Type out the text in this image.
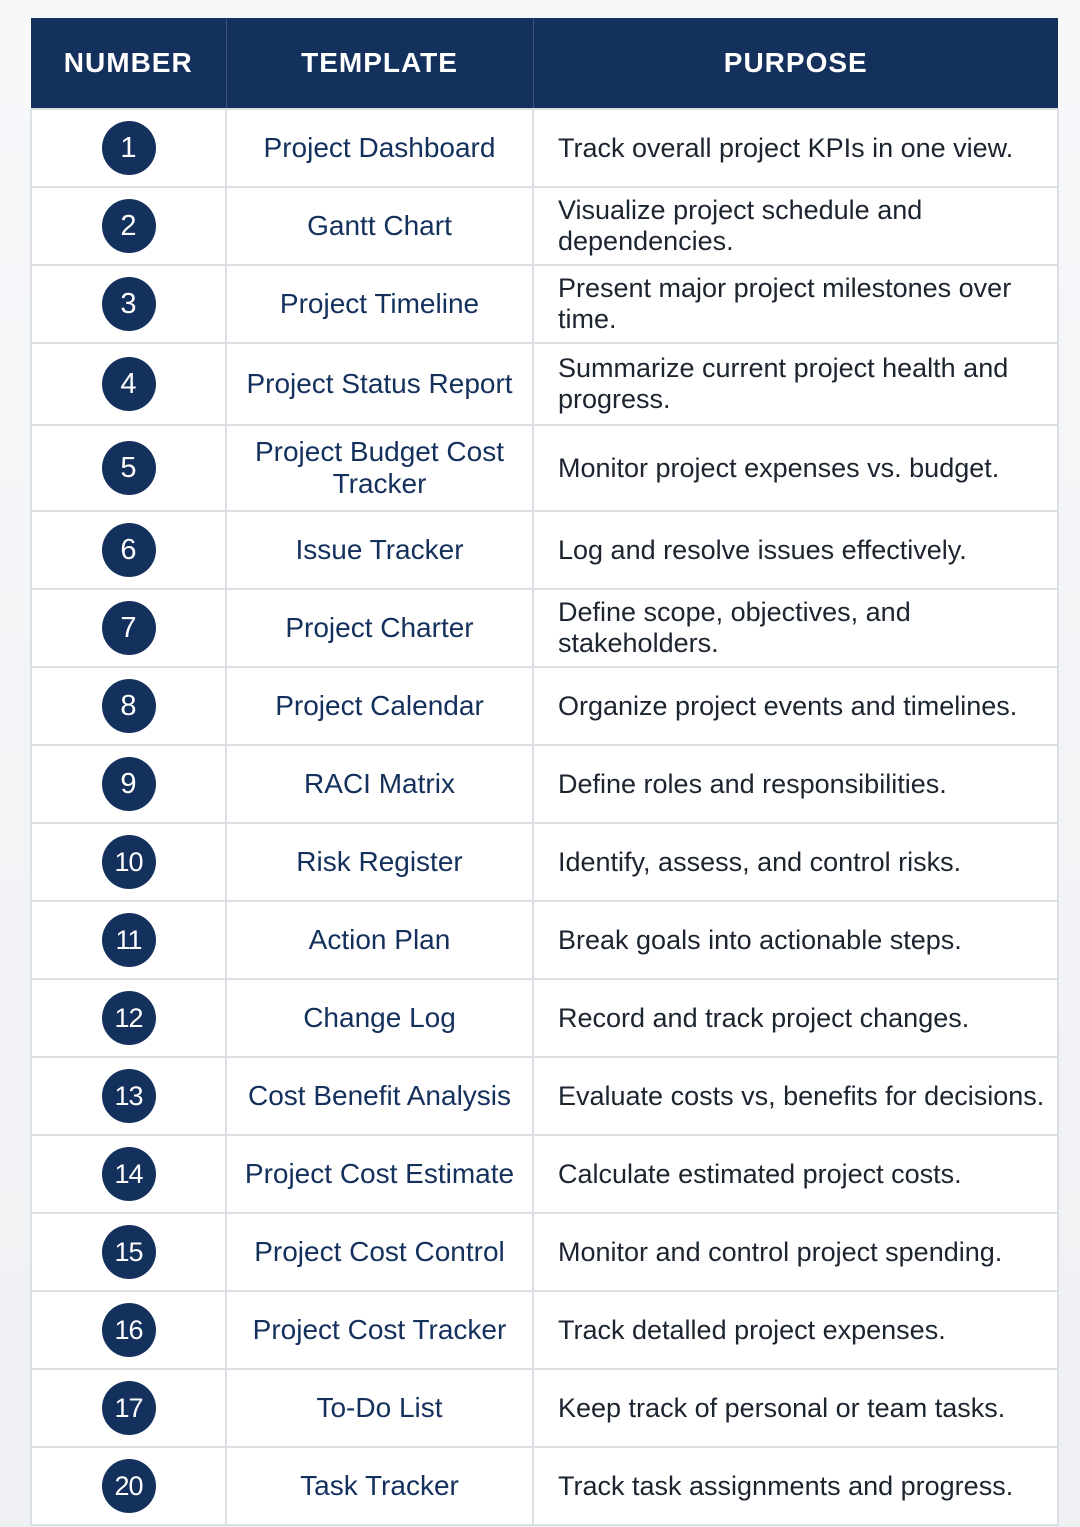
NUMBER	TEMPLATE	PURPOSE
1	Project Dashboard	Track overall project KPIs in one view.
2	Gantt Chart	Visualize project schedule and dependencies.
3	Project Timeline	Present major project milestones over time.
4	Project Status Report	Summarize current project health and progress.
5	Project Budget Cost Tracker	Monitor project expenses vs. budget.
6	Issue Tracker	Log and resolve issues effectively.
7	Project Charter	Define scope, objectives, and stakeholders.
8	Project Calendar	Organize project events and timelines.
9	RACI Matrix	Define roles and responsibilities.
10	Risk Register	Identify, assess, and control risks.
11	Action Plan	Break goals into actionable steps.
12	Change Log	Record and track project changes.
13	Cost Benefit Analysis	Evaluate costs vs, benefits for decisions.
14	Project Cost Estimate	Calculate estimated project costs.
15	Project Cost Control	Monitor and control project spending.
16	Project Cost Tracker	Track detalled project expenses.
17	To-Do List	Keep track of personal or team tasks.
20	Task Tracker	Track task assignments and progress.
